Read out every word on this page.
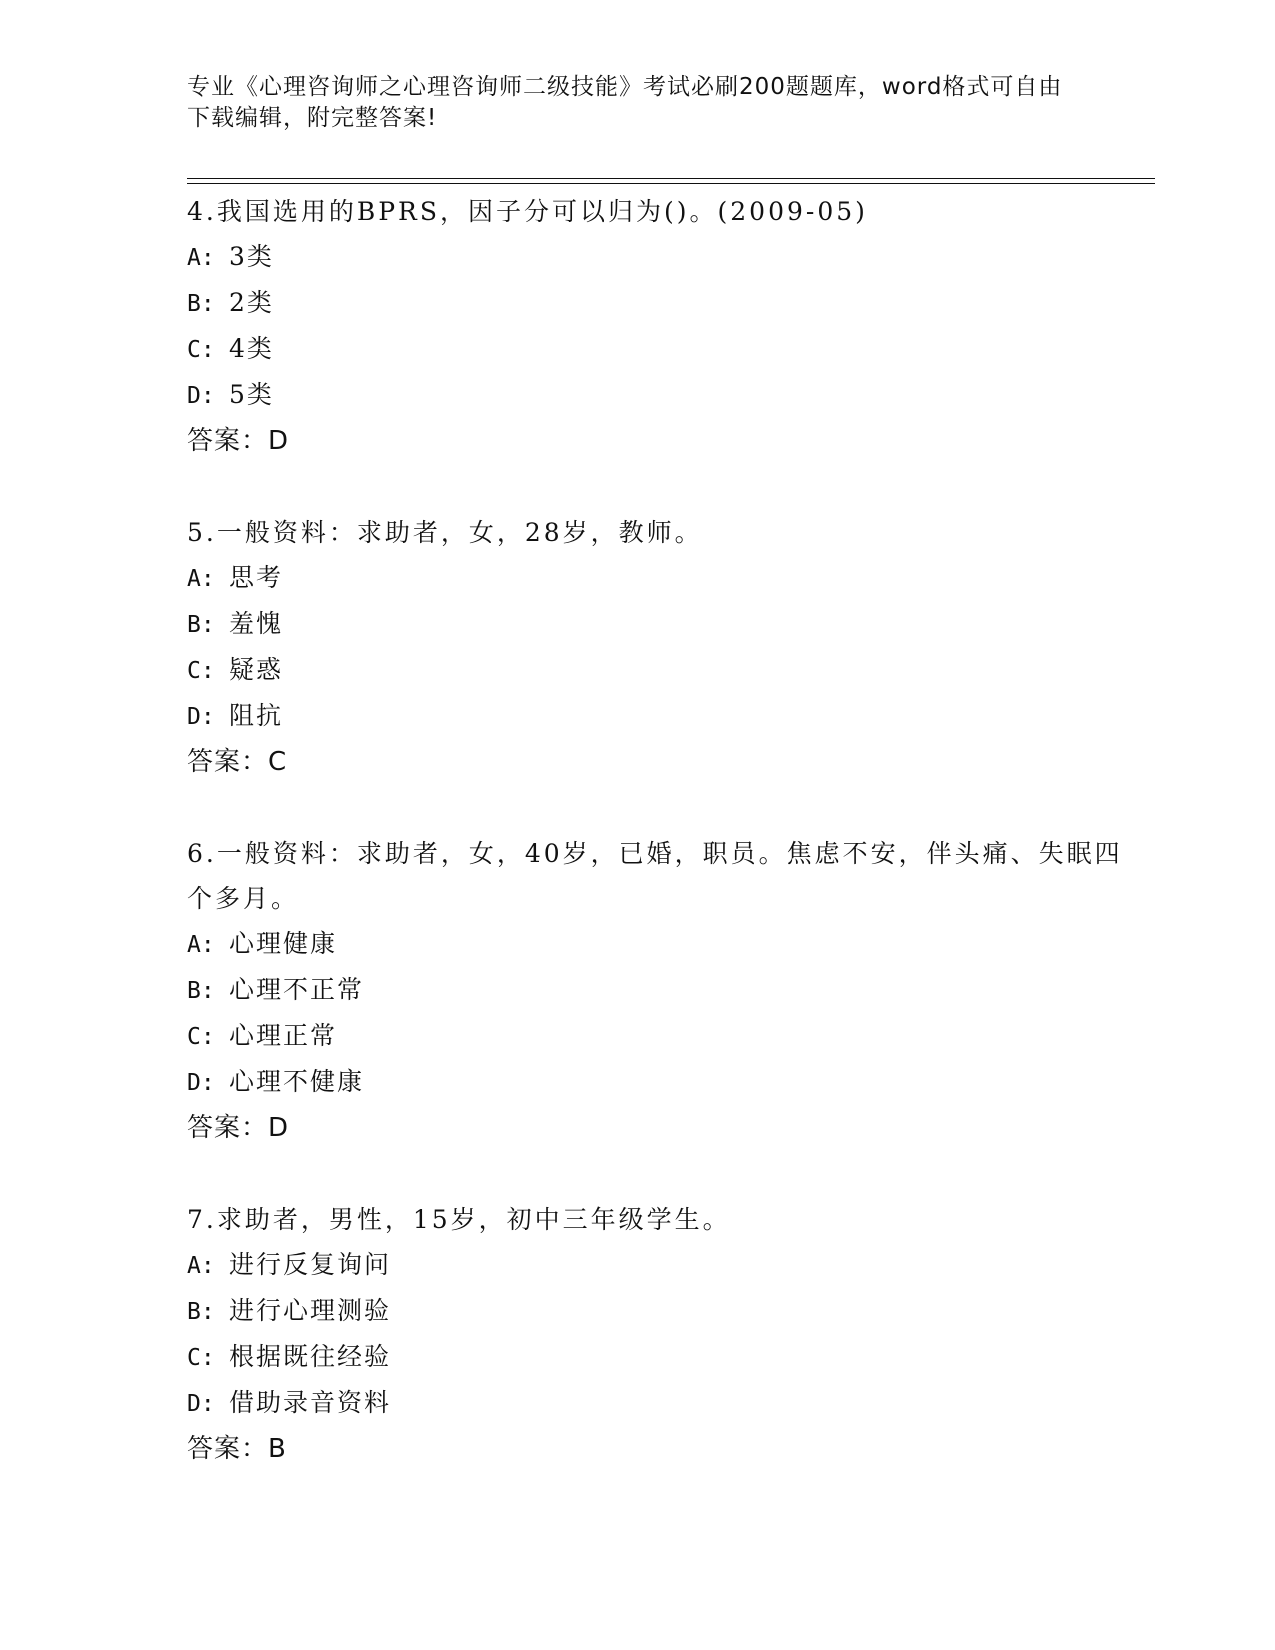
专业《心理咨询师之心理咨询师二级技能》考试必刷200题题库，word格式可自由下载编辑，附完整答案!

4.我国选用的BPRS，因子分可以归为()。(2009-05)

A: 3类
B: 2类
C: 4类
D: 5类
答案：D

5.一般资料：求助者，女，28岁，教师。

A: 思考
B: 羞愧
C: 疑惑
D: 阻抗
答案：C

6.一般资料：求助者，女，40岁，已婚，职员。焦虑不安，伴头痛、失眠四个多月。

A: 心理健康
B: 心理不正常
C: 心理正常
D: 心理不健康
答案：D

7.求助者，男性，15岁，初中三年级学生。

A: 进行反复询问
B: 进行心理测验
C: 根据既往经验
D: 借助录音资料
答案：B
